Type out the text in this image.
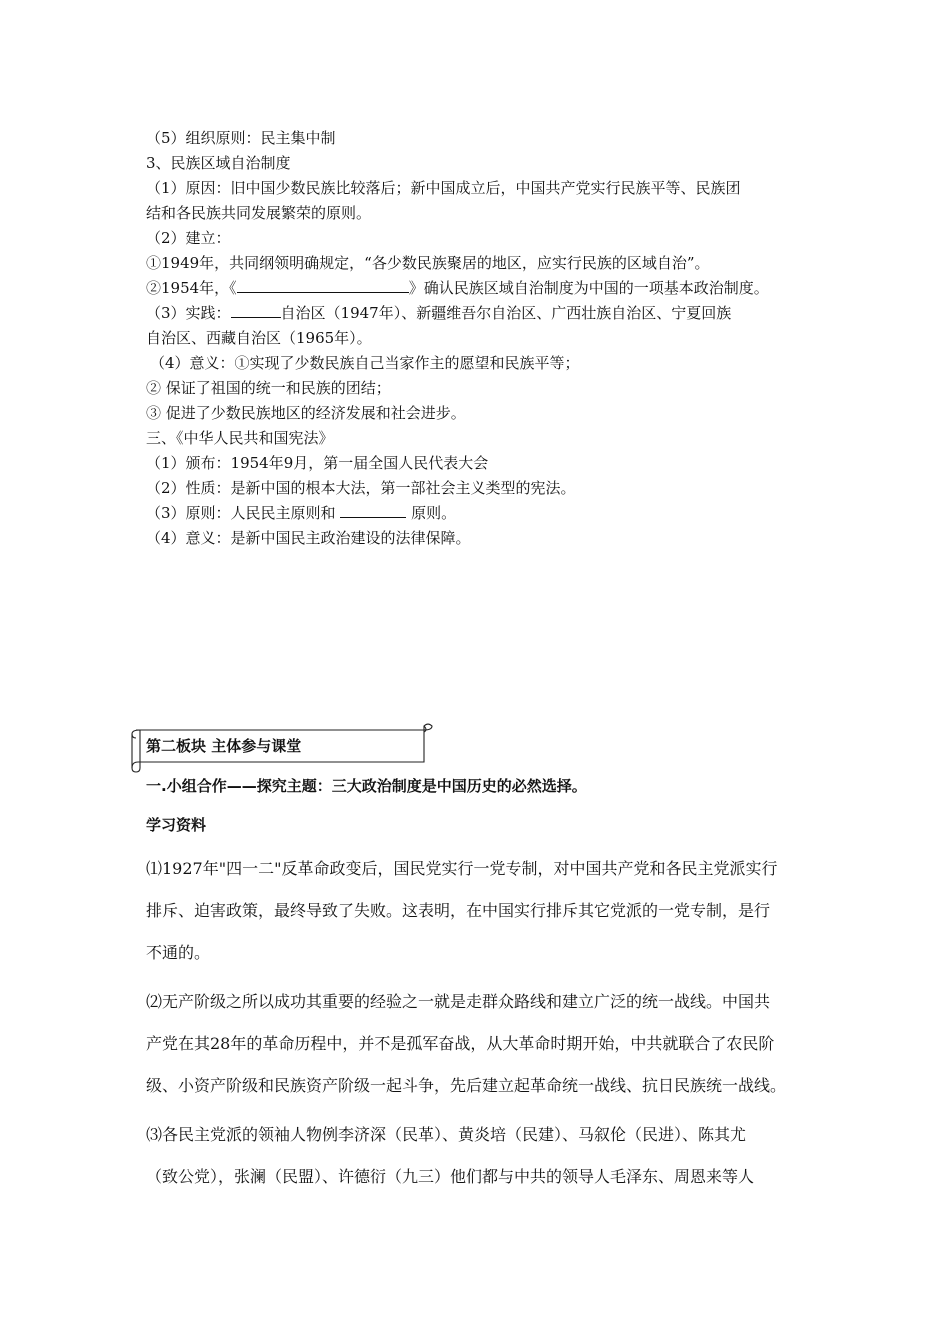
（5）组织原则：民主集中制
3、民族区域自治制度
（1）原因：旧中国少数民族比较落后；新中国成立后，中国共产党实行民族平等、民族团
结和各民族共同发展繁荣的原则。
（2）建立：
①1949年，共同纲领明确规定，“各少数民族聚居的地区，应实行民族的区域自治”。
②1954年，《	》确认民族区域自治制度为中国的一项基本政治制度。
（3）实践：	自治区（1947年）、新疆维吾尔自治区、广西壮族自治区、宁夏回族
自治区、西藏自治区（1965年）。
（4）意义：①实现了少数民族自己当家作主的愿望和民族平等；
② 保证了祖国的统一和民族的团结；
③ 促进了少数民族地区的经济发展和社会进步。
三、《中华人民共和国宪法》
（1）颁布：1954年9月，第一届全国人民代表大会
（2）性质：是新中国的根本大法，第一部社会主义类型的宪法。
（3）原则：人民民主原则和	原则。
（4）意义：是新中国民主政治建设的法律保障。
第二板块 主体参与课堂
一.小组合作——探究主题：三大政治制度是中国历史的必然选择。
学习资料
⑴1927年"四一二"反革命政变后，国民党实行一党专制，对中国共产党和各民主党派实行
排斥、迫害政策，最终导致了失败。这表明，在中国实行排斥其它党派的一党专制，是行
不通的。
⑵无产阶级之所以成功其重要的经验之一就是走群众路线和建立广泛的统一战线。中国共
产党在其28年的革命历程中，并不是孤军奋战，从大革命时期开始，中共就联合了农民阶
级、小资产阶级和民族资产阶级一起斗争，先后建立起革命统一战线、抗日民族统一战线。
⑶各民主党派的领袖人物例李济深（民革）、黄炎培（民建）、马叙伦（民进）、陈其尤
（致公党），张澜（民盟）、许德衍（九三）他们都与中共的领导人毛泽东、周恩来等人
